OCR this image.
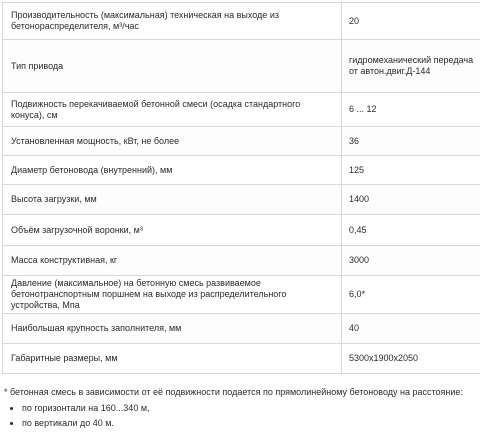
Производительность (максимальная) техническая на выходе из бетонораспределителя, м³/час	20
Тип привода	гидромеханический передача от автон.двиг.Д-144
Подвижность перекачиваемой бетонной смеси (осадка стандартного конуса), см	6 ... 12
Установленная мощность, кВт, не более	36
Диаметр бетоновода (внутренний), мм	125
Высота загрузки, мм	1400
Объём загрузочной воронки, м³	0,45
Масса конструктивная, кг	3000
Давление (максимальное) на бетонную смесь развиваемое бетонотранспортным поршнем на выходе из распределительного устройства, Мпа	6,0*
Наибольшая крупность заполнителя, мм	40
Габаритные размеры, мм	5300х1900х2050

* бетонная смесь в зависимости от её подвижности подается по прямолинейному бетоноводу на расстояние:

• по горизонтали на 160...340 м,
• по вертикали до 40 м.
